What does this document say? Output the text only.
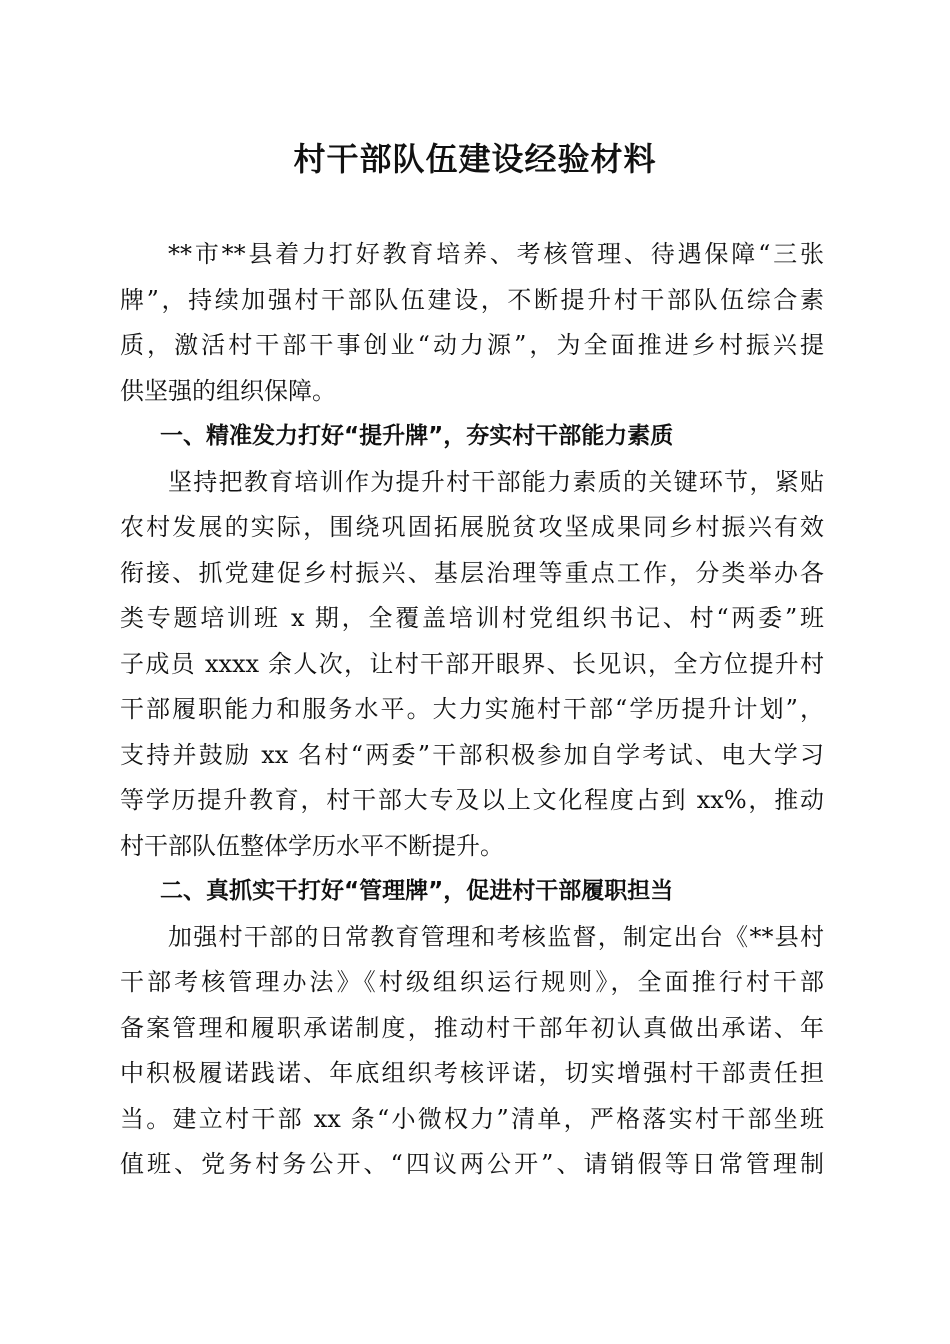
村干部队伍建设经验材料
**市**县着力打好教育培养、考核管理、待遇保障“三张
牌”，持续加强村干部队伍建设，不断提升村干部队伍综合素
质，激活村干部干事创业“动力源”，为全面推进乡村振兴提
供坚强的组织保障。
一、精准发力打好“提升牌”，夯实村干部能力素质
坚持把教育培训作为提升村干部能力素质的关键环节，紧贴
农村发展的实际，围绕巩固拓展脱贫攻坚成果同乡村振兴有效
衔接、抓党建促乡村振兴、基层治理等重点工作，分类举办各
类专题培训班 x 期，全覆盖培训村党组织书记、村“两委”班
子成员 xxxx 余人次，让村干部开眼界、长见识，全方位提升村
干部履职能力和服务水平。大力实施村干部“学历提升计划”，
支持并鼓励 xx 名村“两委”干部积极参加自学考试、电大学习
等学历提升教育，村干部大专及以上文化程度占到 xx%，推动
村干部队伍整体学历水平不断提升。
二、真抓实干打好“管理牌”，促进村干部履职担当
加强村干部的日常教育管理和考核监督，制定出台《**县村
干部考核管理办法》《村级组织运行规则》，全面推行村干部
备案管理和履职承诺制度，推动村干部年初认真做出承诺、年
中积极履诺践诺、年底组织考核评诺，切实增强村干部责任担
当。建立村干部 xx 条“小微权力”清单，严格落实村干部坐班
值班、党务村务公开、“四议两公开”、请销假等日常管理制
